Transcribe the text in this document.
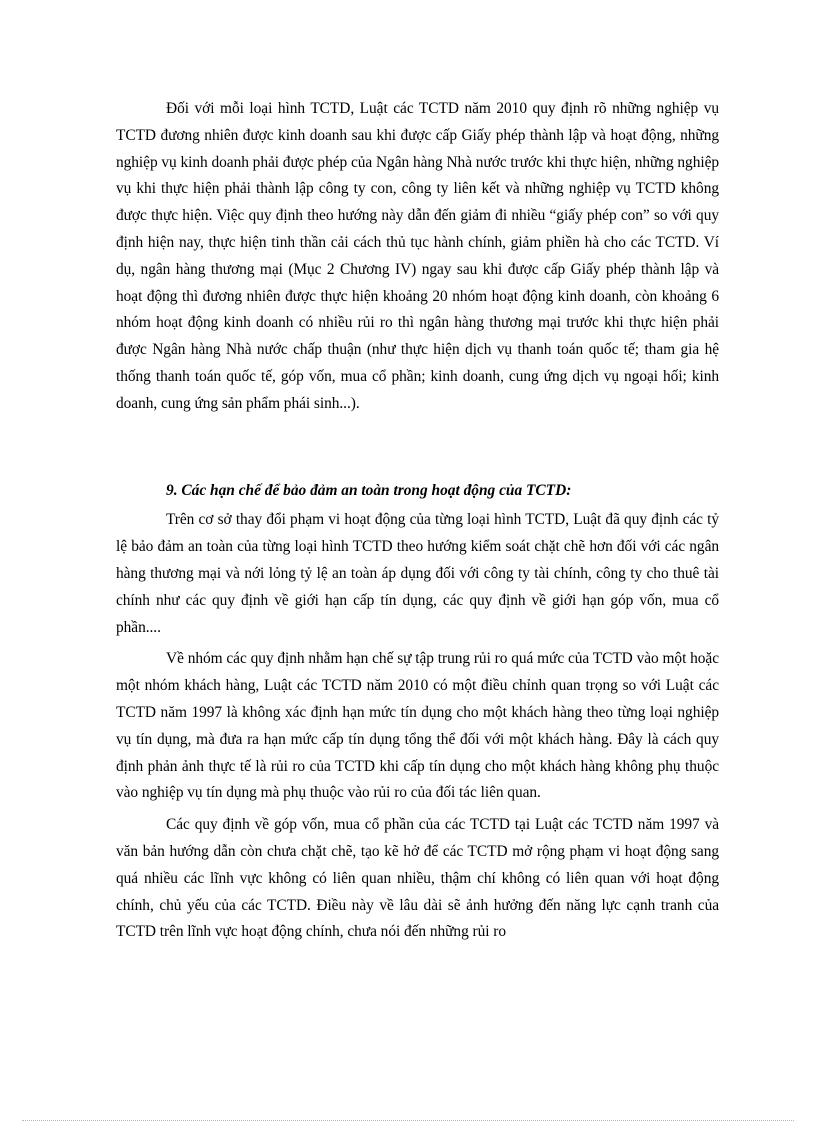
Đối với mỗi loại hình TCTD, Luật các TCTD năm 2010 quy định rõ những nghiệp vụ TCTD đương nhiên được kinh doanh sau khi được cấp Giấy phép thành lập và hoạt động, những nghiệp vụ kinh doanh phải được phép của Ngân hàng Nhà nước trước khi thực hiện, những nghiệp vụ khi thực hiện phải thành lập công ty con, công ty liên kết và những nghiệp vụ TCTD không được thực hiện. Việc quy định theo hướng này dẫn đến giảm đi nhiều “giấy phép con” so với quy định hiện nay, thực hiện tinh thần cải cách thủ tục hành chính, giảm phiền hà cho các TCTD. Ví dụ, ngân hàng thương mại (Mục 2 Chương IV) ngay sau khi được cấp Giấy phép thành lập và hoạt động thì đương nhiên được thực hiện khoảng 20 nhóm hoạt động kinh doanh, còn khoảng 6 nhóm hoạt động kinh doanh có nhiều rủi ro thì ngân hàng thương mại trước khi thực hiện phải được Ngân hàng Nhà nước chấp thuận (như thực hiện dịch vụ thanh toán quốc tế; tham gia hệ thống thanh toán quốc tế, góp vốn, mua cổ phần; kinh doanh, cung ứng dịch vụ ngoại hối; kinh doanh, cung ứng sản phẩm phái sinh...).

9. Các hạn chế để bảo đảm an toàn trong hoạt động của TCTD:

Trên cơ sở thay đổi phạm vi hoạt động của từng loại hình TCTD, Luật đã quy định các tỷ lệ bảo đảm an toàn của từng loại hình TCTD theo hướng kiểm soát chặt chẽ hơn đối với các ngân hàng thương mại và nới lỏng tỷ lệ an toàn áp dụng đối với công ty tài chính, công ty cho thuê tài chính như các quy định về giới hạn cấp tín dụng, các quy định về giới hạn góp vốn, mua cổ phần....

Về nhóm các quy định nhằm hạn chế sự tập trung rủi ro quá mức của TCTD vào một hoặc một nhóm khách hàng, Luật các TCTD năm 2010 có một điều chỉnh quan trọng so với Luật các TCTD năm 1997 là không xác định hạn mức tín dụng cho một khách hàng theo từng loại nghiệp vụ tín dụng, mà đưa ra hạn mức cấp tín dụng tổng thể đối với một khách hàng. Đây là cách quy định phản ảnh thực tế là rủi ro của TCTD khi cấp tín dụng cho một khách hàng không phụ thuộc vào nghiệp vụ tín dụng mà phụ thuộc vào rủi ro của đối tác liên quan.

Các quy định về góp vốn, mua cổ phần của các TCTD tại Luật các TCTD năm 1997 và văn bản hướng dẫn còn chưa chặt chẽ, tạo kẽ hở để các TCTD mở rộng phạm vi hoạt động sang quá nhiều các lĩnh vực không có liên quan nhiều, thậm chí không có liên quan với hoạt động chính, chủ yếu của các TCTD. Điều này về lâu dài sẽ ảnh hưởng đến năng lực cạnh tranh của TCTD trên lĩnh vực hoạt động chính, chưa nói đến những rủi ro
